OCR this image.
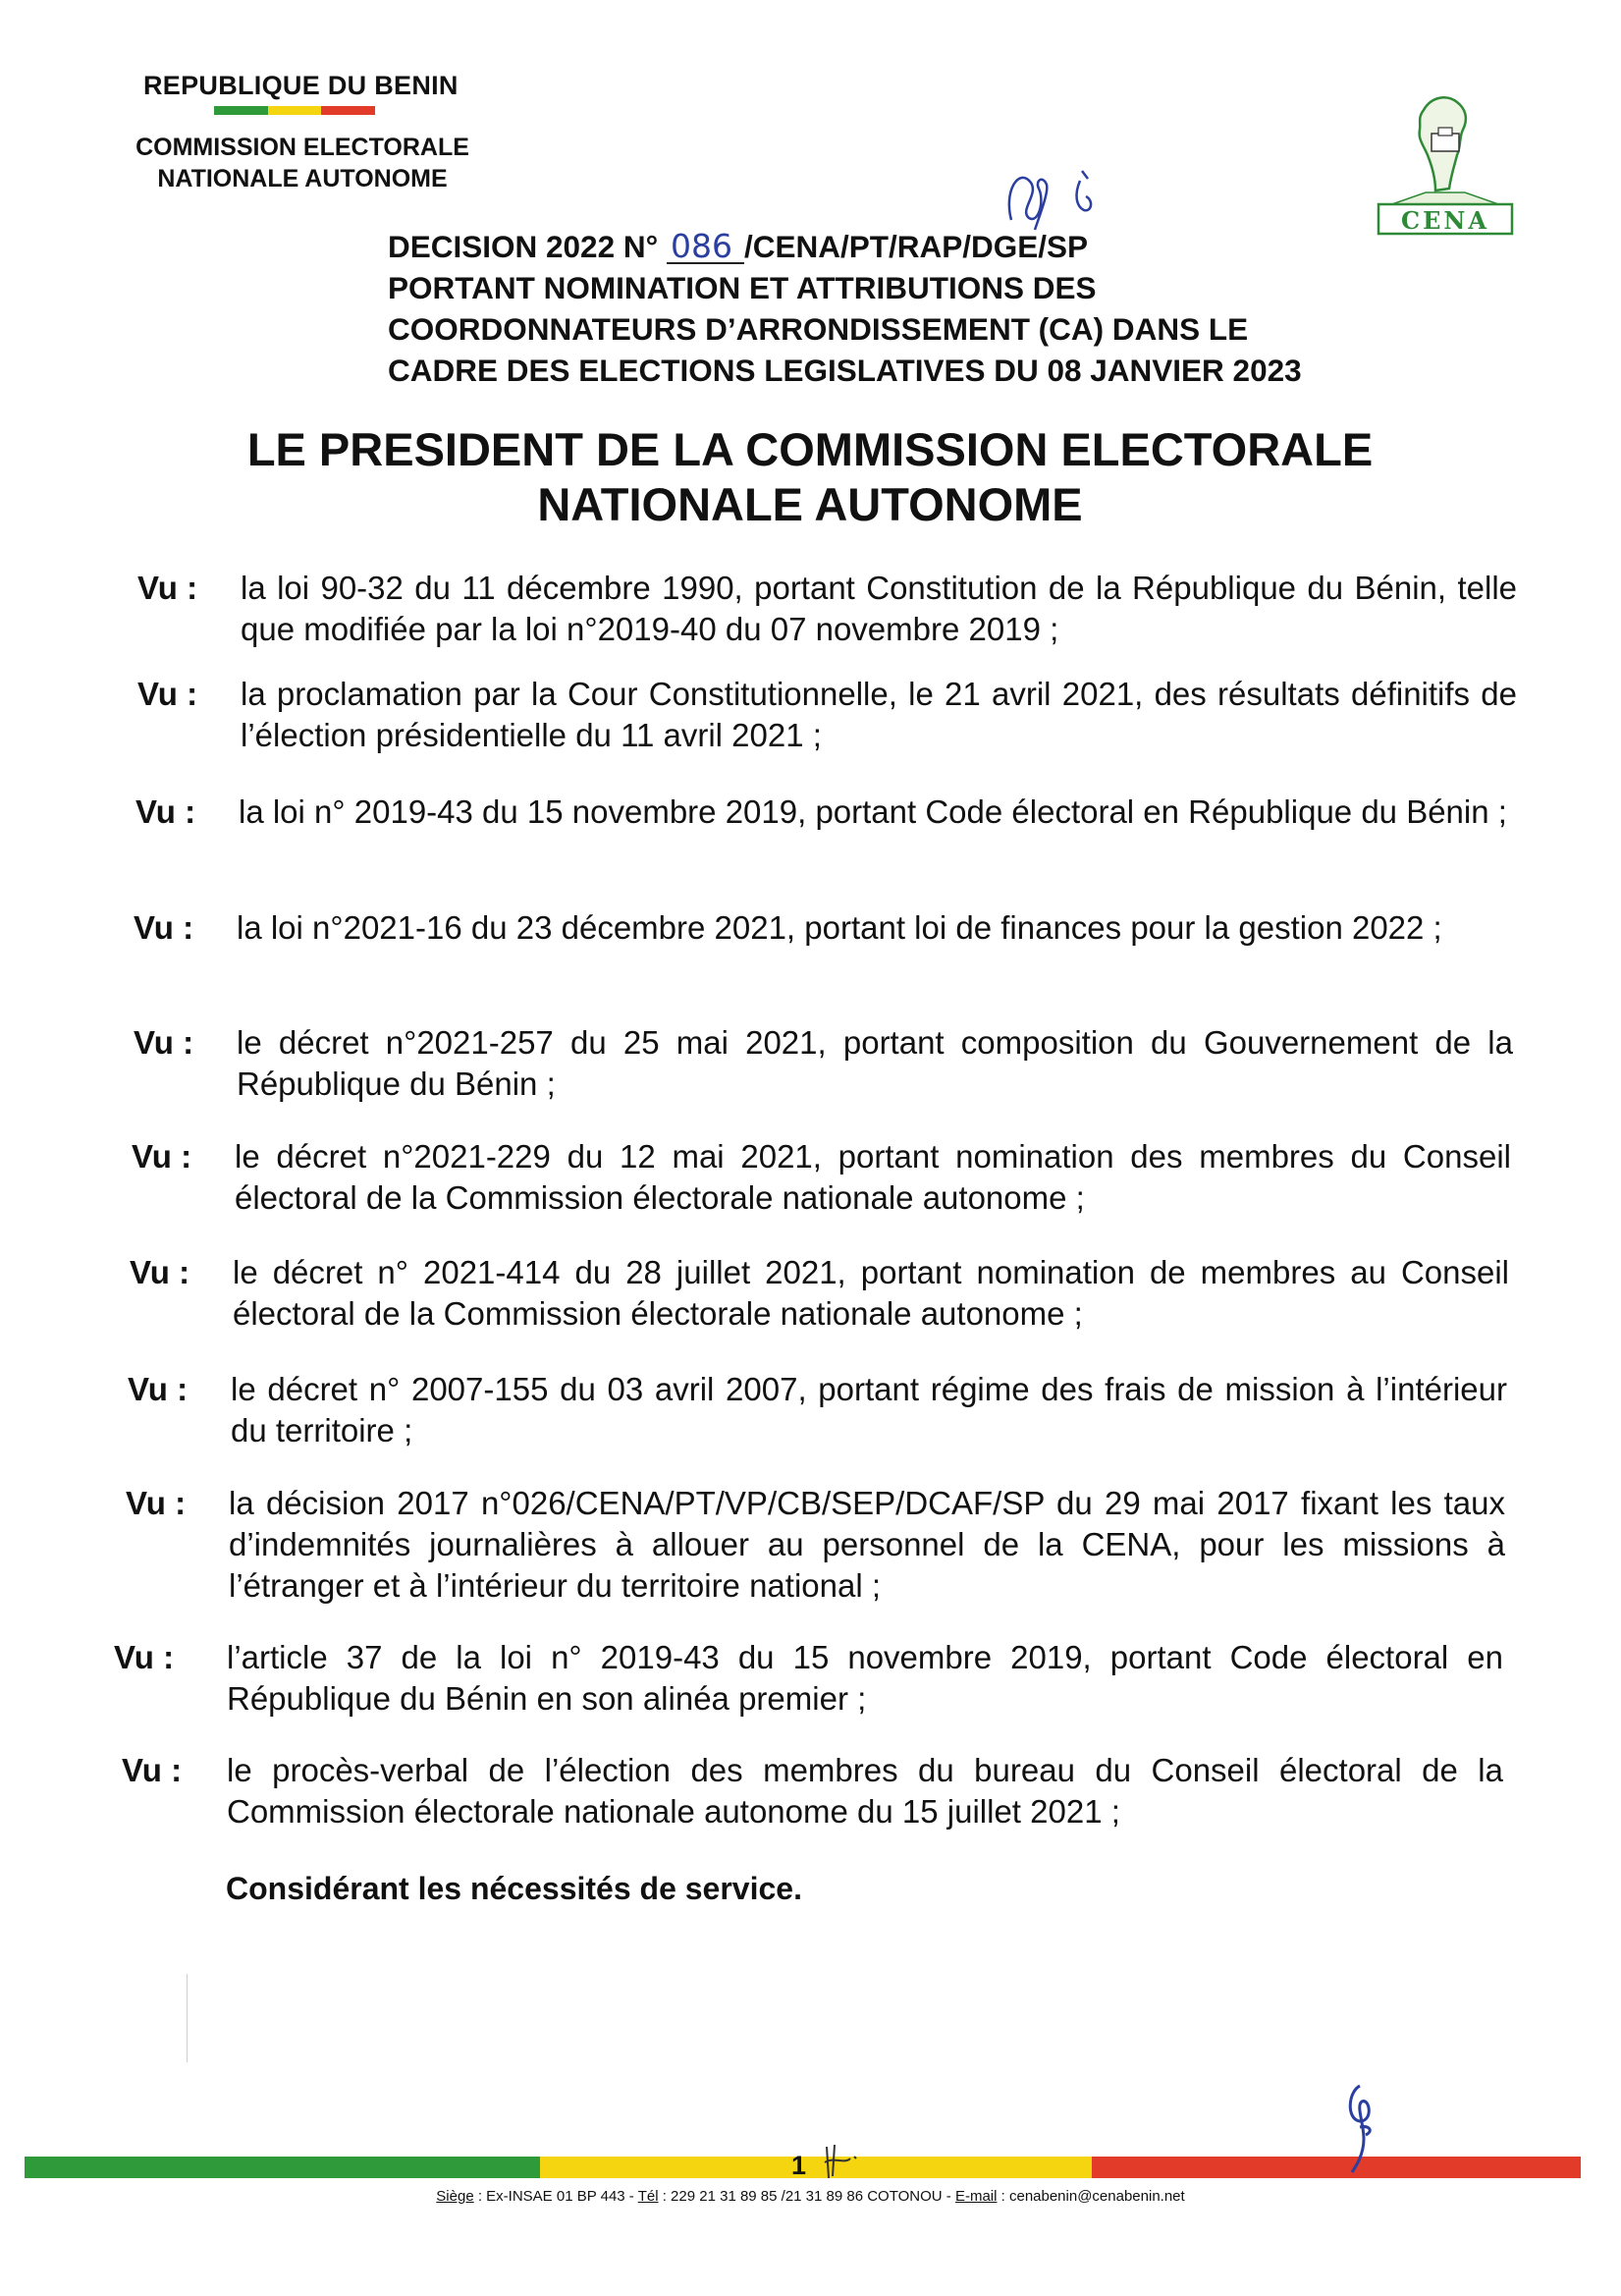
REPUBLIQUE DU BENIN
COMMISSION ELECTORALE
NATIONALE AUTONOME
CENA
DECISION 2022 N° 086 /CENA/PT/RAP/DGE/SP
PORTANT NOMINATION ET ATTRIBUTIONS DES
COORDONNATEURS D’ARRONDISSEMENT (CA) DANS LE
CADRE DES ELECTIONS LEGISLATIVES DU 08 JANVIER 2023
LE PRESIDENT DE LA COMMISSION ELECTORALE
NATIONALE AUTONOME
Vu :	la loi 90-32 du 11 décembre 1990, portant Constitution de la République du Bénin, telle que modifiée par la loi n°2019-40 du 07 novembre 2019 ;
Vu :	la proclamation par la Cour Constitutionnelle, le 21 avril 2021, des résultats définitifs de l’élection présidentielle du 11 avril 2021 ;
Vu :	la loi n° 2019-43 du 15 novembre 2019, portant Code électoral en République du Bénin ;
Vu :	la loi n°2021-16 du 23 décembre 2021, portant loi de finances pour la gestion 2022 ;
Vu :	le décret n°2021-257 du 25 mai 2021, portant composition du Gouvernement de la République du Bénin ;
Vu :	le décret n°2021-229 du 12 mai 2021, portant nomination des membres du Conseil électoral de la Commission électorale nationale autonome ;
Vu :	le décret n° 2021-414 du 28 juillet 2021, portant nomination de membres au Conseil électoral de la Commission électorale nationale autonome ;
Vu :	le décret n° 2007-155 du 03 avril 2007, portant régime des frais de mission à l’intérieur du territoire ;
Vu :	la décision 2017 n°026/CENA/PT/VP/CB/SEP/DCAF/SP du 29 mai 2017 fixant les taux d’indemnités journalières à allouer au personnel de la CENA, pour les missions à l’étranger et à l’intérieur du territoire national ;
Vu :	l’article 37 de la loi n° 2019-43 du 15 novembre 2019, portant Code électoral en République du Bénin en son alinéa premier ;
Vu :	le procès-verbal de l’élection des membres du bureau du Conseil électoral de la Commission électorale nationale autonome du 15 juillet 2021 ;
Considérant les nécessités de service.
1
Siège : Ex-INSAE 01 BP 443 - Tél : 229 21 31 89 85 /21 31 89 86 COTONOU - E-mail : cenabenin@cenabenin.net
